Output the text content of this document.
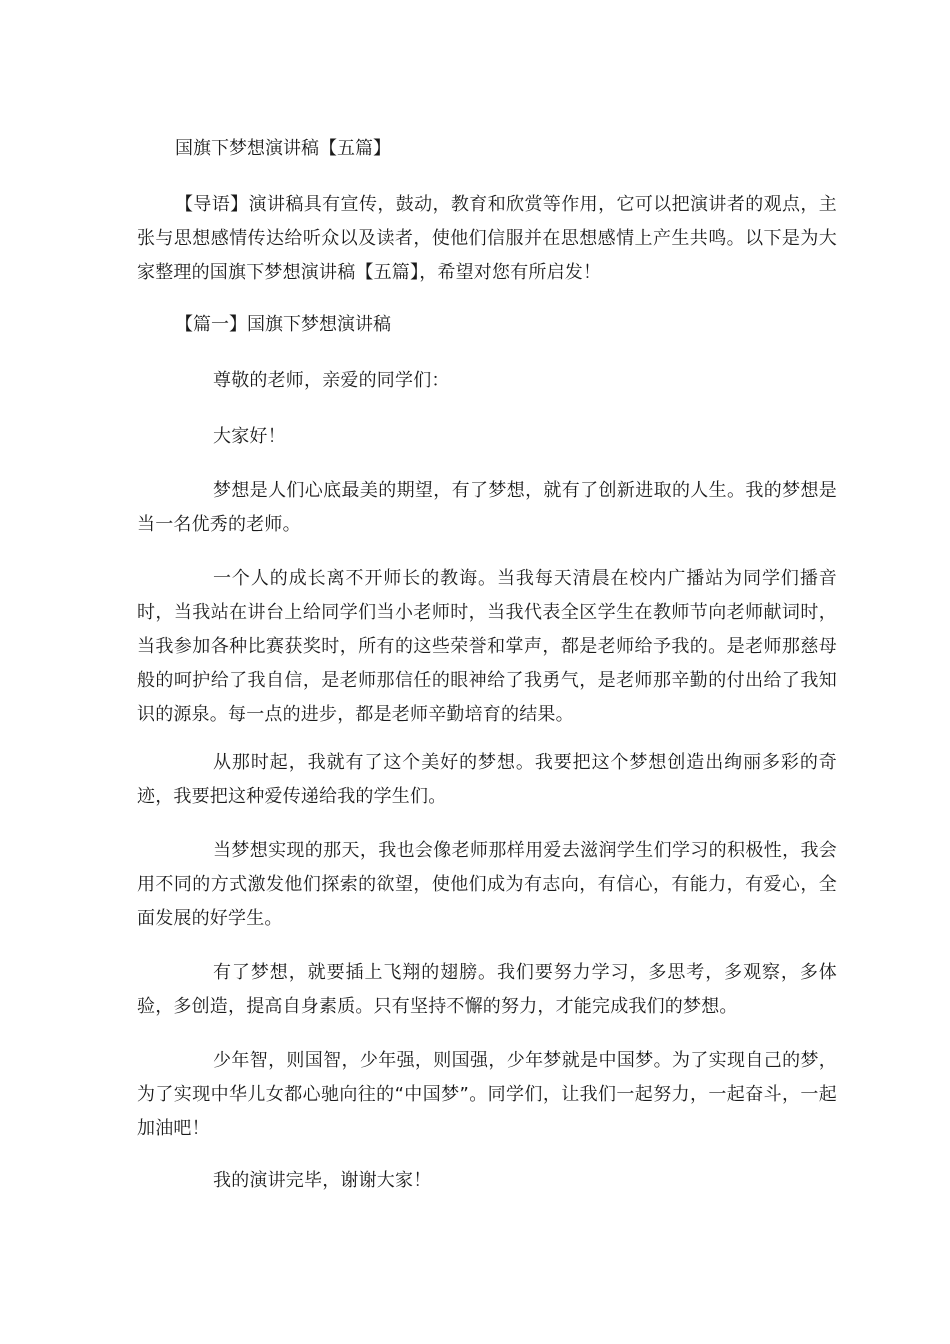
国旗下梦想演讲稿【五篇】

【导语】演讲稿具有宣传，鼓动，教育和欣赏等作用，它可以把演讲者的观点，主张与思想感情传达给听众以及读者，使他们信服并在思想感情上产生共鸣。以下是为大家整理的国旗下梦想演讲稿【五篇】，希望对您有所启发！

【篇一】国旗下梦想演讲稿

尊敬的老师，亲爱的同学们：

大家好！

梦想是人们心底最美的期望，有了梦想，就有了创新进取的人生。我的梦想是当一名优秀的老师。

一个人的成长离不开师长的教诲。当我每天清晨在校内广播站为同学们播音时，当我站在讲台上给同学们当小老师时，当我代表全区学生在教师节向老师献词时，当我参加各种比赛获奖时，所有的这些荣誉和掌声，都是老师给予我的。是老师那慈母般的呵护给了我自信，是老师那信任的眼神给了我勇气，是老师那辛勤的付出给了我知识的源泉。每一点的进步，都是老师辛勤培育的结果。

从那时起，我就有了这个美好的梦想。我要把这个梦想创造出绚丽多彩的奇迹，我要把这种爱传递给我的学生们。

当梦想实现的那天，我也会像老师那样用爱去滋润学生们学习的积极性，我会用不同的方式激发他们探索的欲望，使他们成为有志向，有信心，有能力，有爱心，全面发展的好学生。

有了梦想，就要插上飞翔的翅膀。我们要努力学习，多思考，多观察，多体验，多创造，提高自身素质。只有坚持不懈的努力，才能完成我们的梦想。

少年智，则国智，少年强，则国强，少年梦就是中国梦。为了实现自己的梦，为了实现中华儿女都心驰向往的“中国梦”。同学们，让我们一起努力，一起奋斗，一起加油吧！

我的演讲完毕，谢谢大家！
